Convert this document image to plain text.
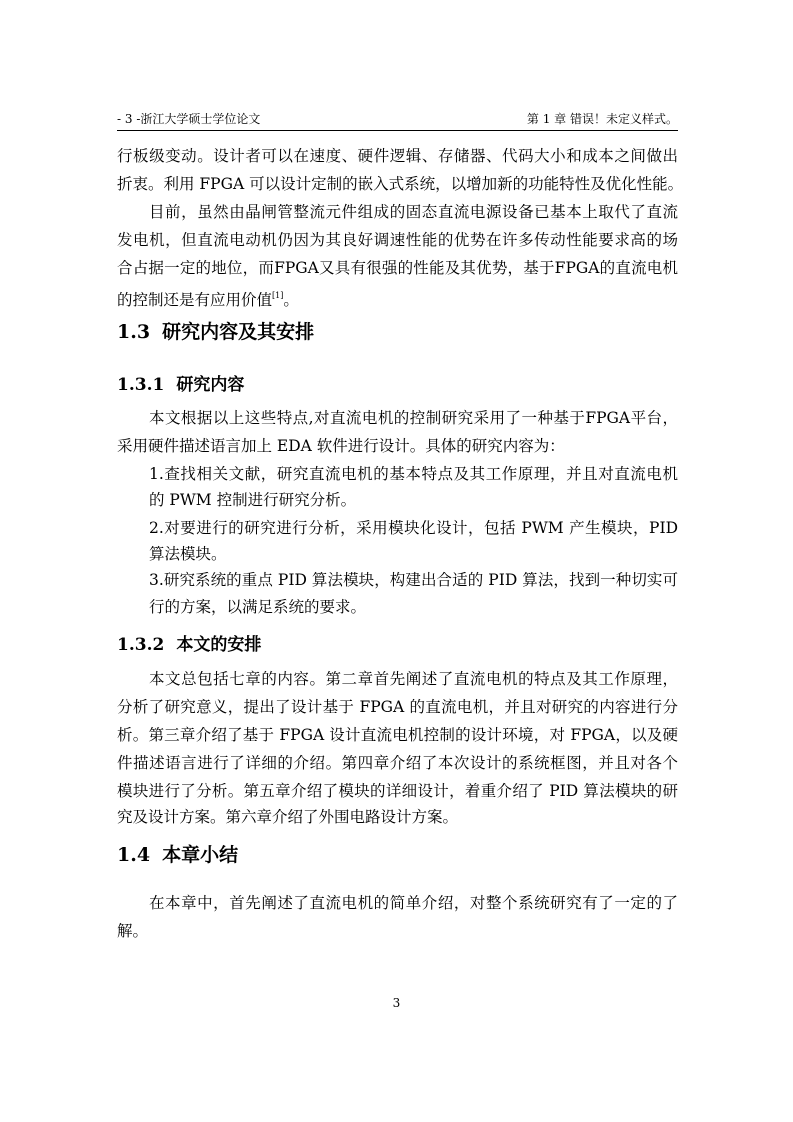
- 3 -浙江大学硕士学位论文	第 1 章 错误！未定义样式。
行板级变动。设计者可以在速度、硬件逻辑、存储器、代码大小和成本之间做出
折衷。利用 FPGA 可以设计定制的嵌入式系统，以增加新的功能特性及优化性能。
目前，虽然由晶闸管整流元件组成的固态直流电源设备已基本上取代了直流
发电机，但直流电动机仍因为其良好调速性能的优势在许多传动性能要求高的场
合占据一定的地位，而FPGA又具有很强的性能及其优势，基于FPGA的直流电机
的控制还是有应用价值[1]。
1.3 研究内容及其安排
1.3.1 研究内容
本文根据以上这些特点,对直流电机的控制研究采用了一种基于FPGA平台，
采用硬件描述语言加上 EDA 软件进行设计。具体的研究内容为：
1.查找相关文献，研究直流电机的基本特点及其工作原理，并且对直流电机
的 PWM 控制进行研究分析。
2.对要进行的研究进行分析，采用模块化设计，包括 PWM 产生模块，PID
算法模块。
3.研究系统的重点 PID 算法模块，构建出合适的 PID 算法，找到一种切实可
行的方案，以满足系统的要求。
1.3.2 本文的安排
本文总包括七章的内容。第二章首先阐述了直流电机的特点及其工作原理，
分析了研究意义，提出了设计基于 FPGA 的直流电机，并且对研究的内容进行分
析。第三章介绍了基于 FPGA 设计直流电机控制的设计环境，对 FPGA，以及硬
件描述语言进行了详细的介绍。第四章介绍了本次设计的系统框图，并且对各个
模块进行了分析。第五章介绍了模块的详细设计，着重介绍了 PID 算法模块的研
究及设计方案。第六章介绍了外围电路设计方案。
1.4 本章小结
在本章中，首先阐述了直流电机的简单介绍，对整个系统研究有了一定的了
解。
3
